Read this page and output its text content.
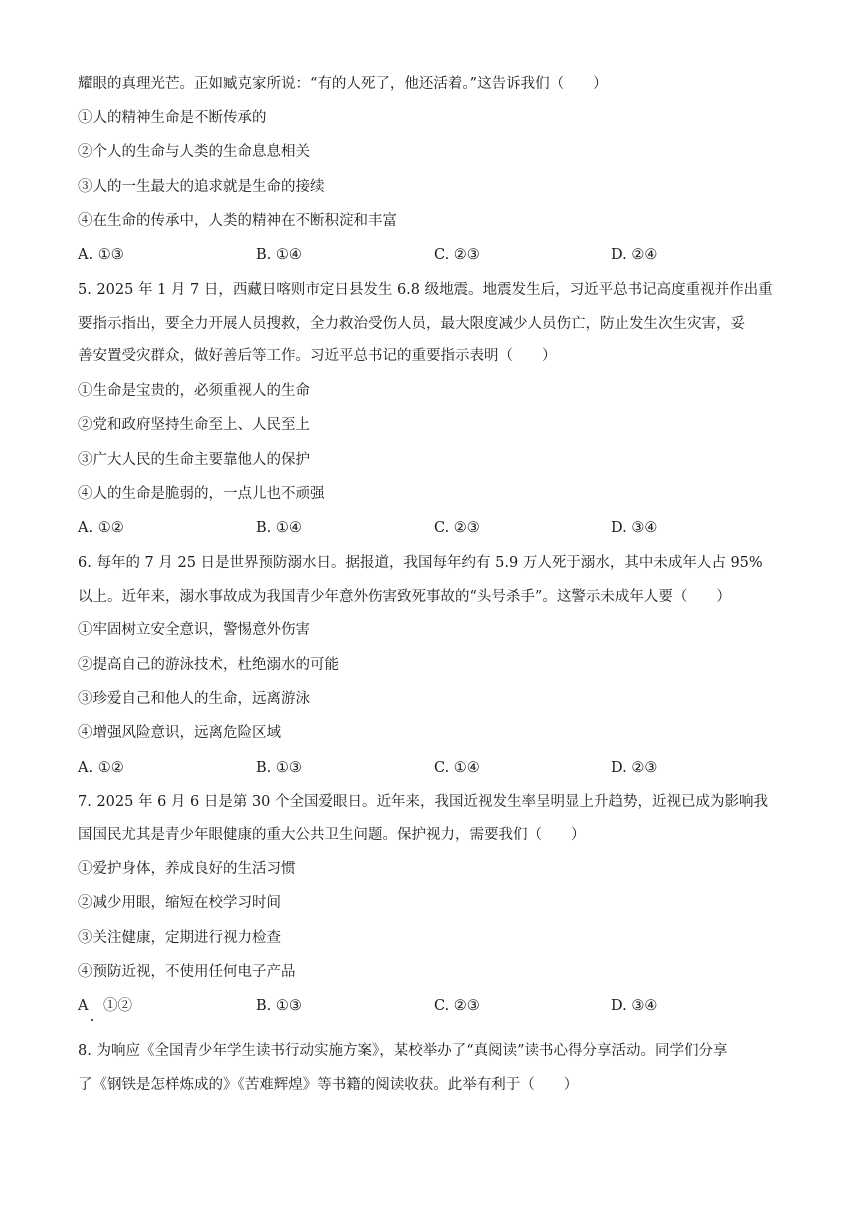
耀眼的真理光芒。正如臧克家所说：“有的人死了，他还活着。”这告诉我们（　　）
①人的精神生命是不断传承的
②个人的生命与人类的生命息息相关
③人的一生最大的追求就是生命的接续
④在生命的传承中，人类的精神在不断积淀和丰富
A. ①③	B. ①④	C. ②③	D. ②④
5. 2025 年 1 月 7 日，西藏日喀则市定日县发生 6.8 级地震。地震发生后，习近平总书记高度重视并作出重
要指示指出，要全力开展人员搜救，全力救治受伤人员，最大限度减少人员伤亡，防止发生次生灾害，妥
善安置受灾群众，做好善后等工作。习近平总书记的重要指示表明（　　）
①生命是宝贵的，必须重视人的生命
②党和政府坚持生命至上、人民至上
③广大人民的生命主要靠他人的保护
④人的生命是脆弱的，一点儿也不顽强
A. ①②	B. ①④	C. ②③	D. ③④
6. 每年的 7 月 25 日是世界预防溺水日。据报道，我国每年约有 5.9 万人死于溺水，其中未成年人占 95%
以上。近年来，溺水事故成为我国青少年意外伤害致死事故的“头号杀手”。这警示未成年人要（　　）
①牢固树立安全意识，警惕意外伤害
②提高自己的游泳技术，杜绝溺水的可能
③珍爱自己和他人的生命，远离游泳
④增强风险意识，远离危险区域
A. ①②	B. ①③	C. ①④	D. ②③
7. 2025 年 6 月 6 日是第 30 个全国爱眼日。近年来，我国近视发生率呈明显上升趋势，近视已成为影响我
国国民尤其是青少年眼健康的重大公共卫生问题。保护视力，需要我们（　　）
①爱护身体，养成良好的生活习惯
②减少用眼，缩短在校学习时间
③关注健康，定期进行视力检查
④预防近视，不使用任何电子产品
A　①②	B. ①③	C. ②③	D. ③④
8. 为响应《全国青少年学生读书行动实施方案》，某校举办了“真阅读”读书心得分享活动。同学们分享
了《钢铁是怎样炼成的》《苦难辉煌》等书籍的阅读收获。此举有利于（　　）
